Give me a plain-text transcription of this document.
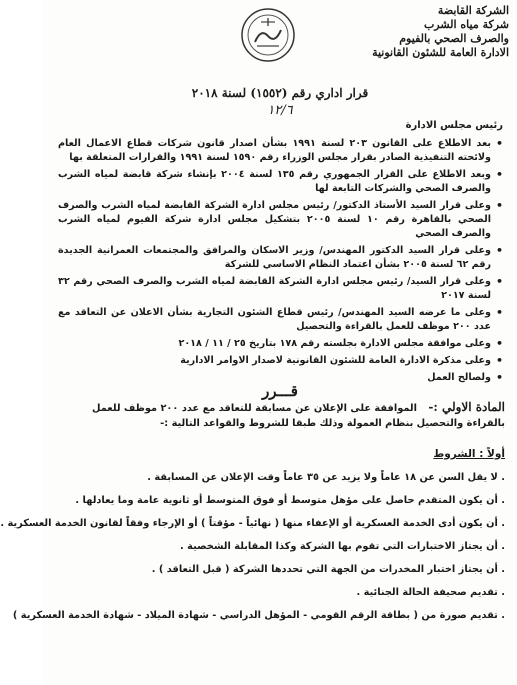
الشركة القابضة
شركة مياه الشرب
والصرف الصحي بالفيوم
الادارة العامة للشئون القانونية
قرار اداري رقم (١٥٥٢) لسنة ٢٠١٨
١٢/٦
رئيس مجلس الادارة
• بعد الاطلاع على القانون ٢٠٣ لسنة ١٩٩١ بشأن اصدار قانون شركات قطاع الاعمال العام ولائحته التنفيذية الصادر بقرار مجلس الوزراء رقم ١٥٩٠ لسنة ١٩٩١ والقرارات المتعلقة بها
• وبعد الاطلاع على القرار الجمهوري رقم ١٣٥ لسنة ٢٠٠٤ بإنشاء شركة قابضة لمياه الشرب والصرف الصحي والشركات التابعة لها
• وعلى قرار السيد الأستاذ الدكتور/ رئيس مجلس ادارة الشركة القابضة لمياه الشرب والصرف الصحي بالقاهرة رقم ١٠ لسنة ٢٠٠٥ بتشكيل مجلس ادارة شركة الفيوم لمياه الشرب والصرف الصحي
• وعلى قرار السيد الدكتور المهندس/ وزير الاسكان والمرافق والمجتمعات العمرانية الجديدة رقم ٦٢ لسنة ٢٠٠٥ بشأن اعتماد النظام الاساسي للشركة
• وعلى قرار السيد/ رئيس مجلس ادارة الشركة القابضة لمياه الشرب والصرف الصحي رقم ٣٢ لسنة ٢٠١٧
• وعلى ما عرضه السيد المهندس/ رئيس قطاع الشئون التجارية بشأن الاعلان عن التعاقد مع عدد ٢٠٠ موظف للعمل بالقراءة والتحصيل
• وعلى موافقة مجلس الادارة بجلسته رقم ١٧٨ بتاريخ ٢٥ / ١١ / ٢٠١٨
• وعلى مذكرة الادارة العامة للشئون القانونية لاصدار الاوامر الادارية
• ولصالح العمل
قـــرر
المادة الاولي :- الموافقة على الإعلان عن مسابقة للتعاقد مع عدد ٢٠٠ موظف للعمل بالقراءة والتحصيل بنظام العمولة وذلك طبقا للشروط والقواعد التالية :-
أولاً : الشروط
. لا يقل السن عن ١٨ عاماً ولا يزيد عن ٣٥ عاماً وقت الإعلان عن المسابقة .
. أن يكون المتقدم حاصل على مؤهل متوسط أو فوق المتوسط أو ثانوية عامة وما يعادلها .
. أن يكون أدى الخدمة العسكرية أو الإعفاء منها ( نهائياً - مؤقتاً ) أو الإرجاء وفقاً لقانون الخدمة العسكرية .
. أن يجتاز الاختبارات التي تقوم بها الشركة وكذا المقابلة الشخصية .
. أن يجتاز اختبار المخدرات من الجهة التي تحددها الشركة ( قبل التعاقد ) .
. تقديم صحيفة الحالة الجنائية .
. تقديم صورة من ( بطاقة الرقم القومي - المؤهل الدراسي - شهادة الميلاد - شهادة الخدمة العسكرية )
